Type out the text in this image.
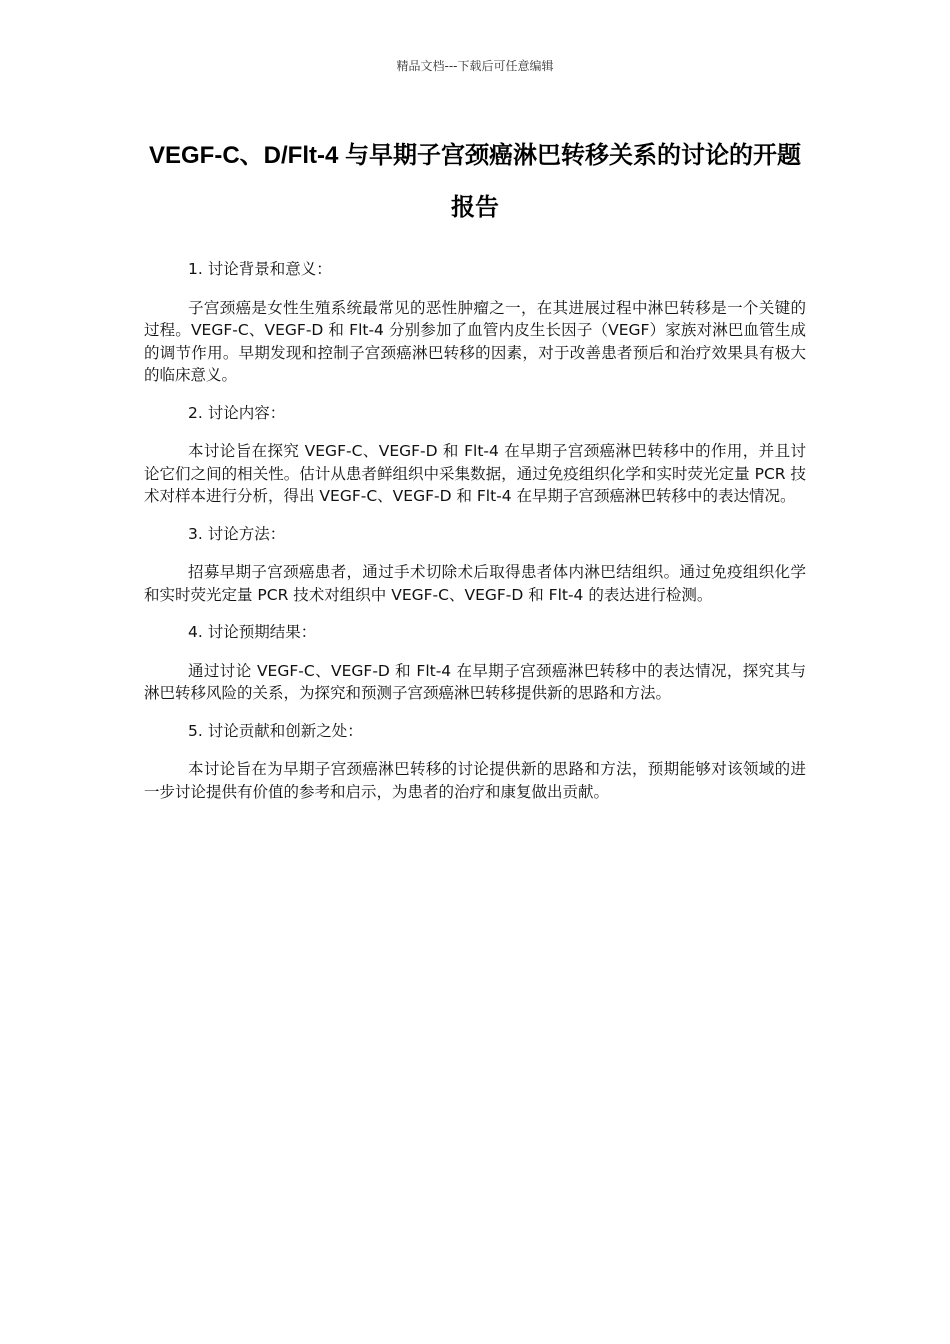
精品文档---下载后可任意编辑
VEGF-C、D/Flt-4 与早期子宫颈癌淋巴转移关系的讨论的开题报告

1. 讨论背景和意义：

子宫颈癌是女性生殖系统最常见的恶性肿瘤之一，在其进展过程中淋巴转移是一个关键的过程。VEGF-C、VEGF-D 和 Flt-4 分别参加了血管内皮生长因子（VEGF）家族对淋巴血管生成的调节作用。早期发现和控制子宫颈癌淋巴转移的因素，对于改善患者预后和治疗效果具有极大的临床意义。

2. 讨论内容：

本讨论旨在探究 VEGF-C、VEGF-D 和 Flt-4 在早期子宫颈癌淋巴转移中的作用，并且讨论它们之间的相关性。估计从患者鲜组织中采集数据，通过免疫组织化学和实时荧光定量 PCR 技术对样本进行分析，得出 VEGF-C、VEGF-D 和 Flt-4 在早期子宫颈癌淋巴转移中的表达情况。

3. 讨论方法：

招募早期子宫颈癌患者，通过手术切除术后取得患者体内淋巴结组织。通过免疫组织化学和实时荧光定量 PCR 技术对组织中 VEGF-C、VEGF-D 和 Flt-4 的表达进行检测。

4. 讨论预期结果：

通过讨论 VEGF-C、VEGF-D 和 Flt-4 在早期子宫颈癌淋巴转移中的表达情况，探究其与淋巴转移风险的关系，为探究和预测子宫颈癌淋巴转移提供新的思路和方法。

5. 讨论贡献和创新之处：

本讨论旨在为早期子宫颈癌淋巴转移的讨论提供新的思路和方法，预期能够对该领域的进一步讨论提供有价值的参考和启示，为患者的治疗和康复做出贡献。
